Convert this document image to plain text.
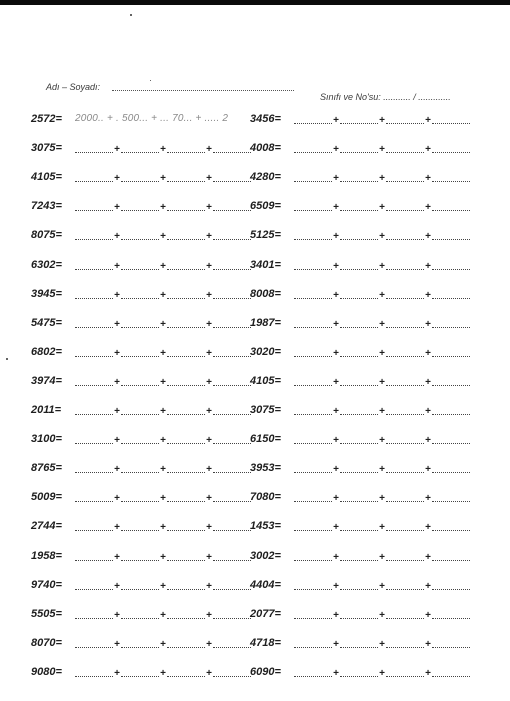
Adı – Soyadı:
Sınıfı ve No'su: ........... / .............
2572=	2000.. + . 500... + ... 70... + ..... 2
3075=	+	+	+
4105=	+	+	+
7243=	+	+	+
8075=	+	+	+
6302=	+	+	+
3945=	+	+	+
5475=	+	+	+
6802=	+	+	+
3974=	+	+	+
2011=	+	+	+
3100=	+	+	+
8765=	+	+	+
5009=	+	+	+
2744=	+	+	+
1958=	+	+	+
9740=	+	+	+
5505=	+	+	+
8070=	+	+	+
9080=	+	+	+
3456=	+	+	+
4008=	+	+	+
4280=	+	+	+
6509=	+	+	+
5125=	+	+	+
3401=	+	+	+
8008=	+	+	+
1987=	+	+	+
3020=	+	+	+
4105=	+	+	+
3075=	+	+	+
6150=	+	+	+
3953=	+	+	+
7080=	+	+	+
1453=	+	+	+
3002=	+	+	+
4404=	+	+	+
2077=	+	+	+
4718=	+	+	+
6090=	+	+	+
